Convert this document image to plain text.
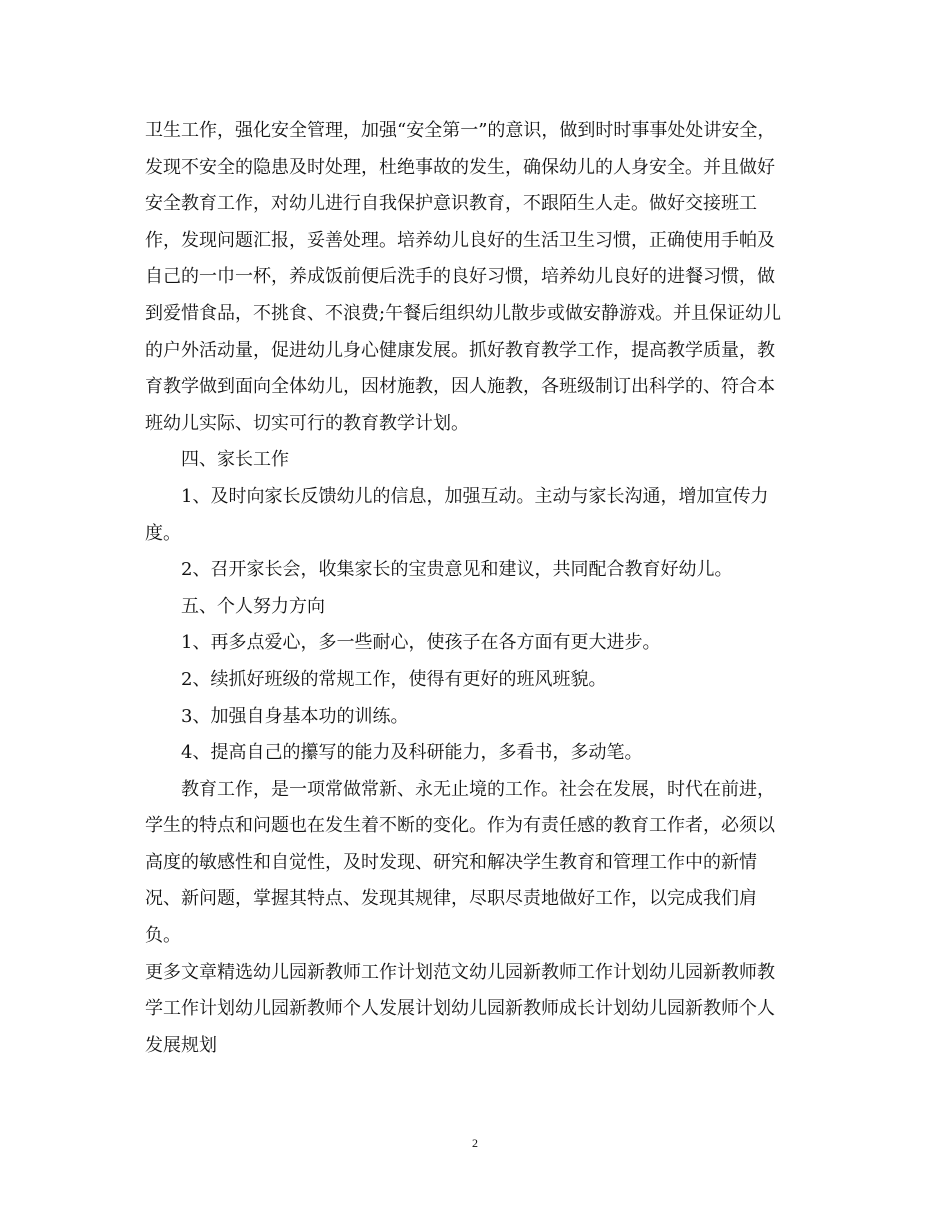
卫生工作，强化安全管理，加强“安全第一”的意识，做到时时事事处处讲安全，
发现不安全的隐患及时处理，杜绝事故的发生，确保幼儿的人身安全。并且做好
安全教育工作，对幼儿进行自我保护意识教育，不跟陌生人走。做好交接班工
作，发现问题汇报，妥善处理。培养幼儿良好的生活卫生习惯，正确使用手帕及
自己的一巾一杯，养成饭前便后洗手的良好习惯，培养幼儿良好的进餐习惯，做
到爱惜食品，不挑食、不浪费;午餐后组织幼儿散步或做安静游戏。并且保证幼儿
的户外活动量，促进幼儿身心健康发展。抓好教育教学工作，提高教学质量，教
育教学做到面向全体幼儿，因材施教，因人施教，各班级制订出科学的、符合本
班幼儿实际、切实可行的教育教学计划。
四、家长工作
1、及时向家长反馈幼儿的信息，加强互动。主动与家长沟通，增加宣传力
度。
2、召开家长会，收集家长的宝贵意见和建议，共同配合教育好幼儿。
五、个人努力方向
1、再多点爱心，多一些耐心，使孩子在各方面有更大进步。
2、续抓好班级的常规工作，使得有更好的班风班貌。
3、加强自身基本功的训练。
4、提高自己的攥写的能力及科研能力，多看书，多动笔。
教育工作，是一项常做常新、永无止境的工作。社会在发展，时代在前进，
学生的特点和问题也在发生着不断的变化。作为有责任感的教育工作者，必须以
高度的敏感性和自觉性，及时发现、研究和解决学生教育和管理工作中的新情
况、新问题，掌握其特点、发现其规律，尽职尽责地做好工作，以完成我们肩
负。
更多文章精选幼儿园新教师工作计划范文幼儿园新教师工作计划幼儿园新教师教
学工作计划幼儿园新教师个人发展计划幼儿园新教师成长计划幼儿园新教师个人
发展规划
2
